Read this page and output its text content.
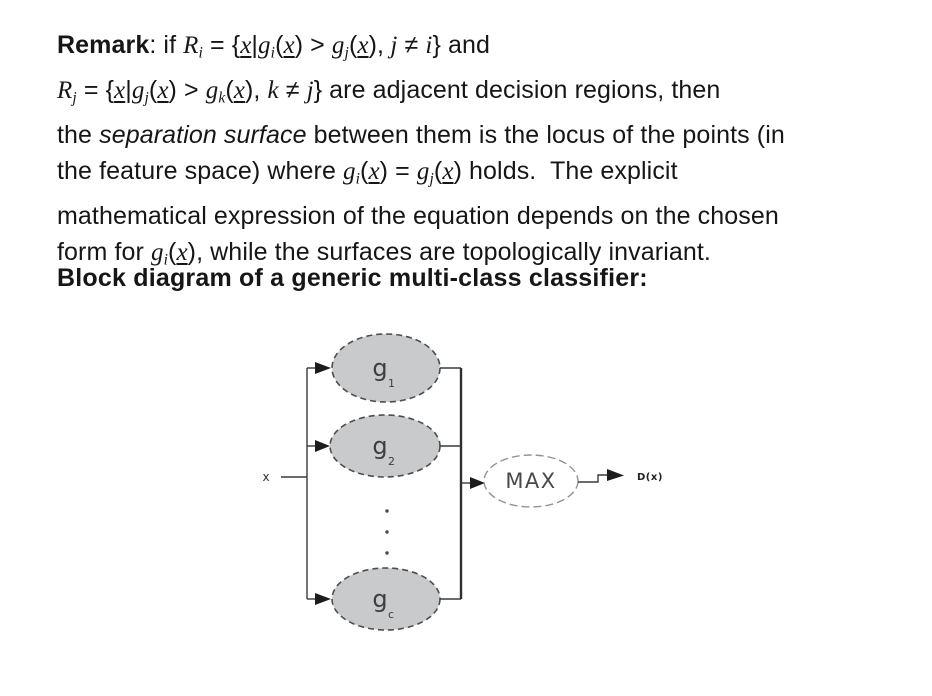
Remark: if Ri = {x|gi(x) > gj(x), j ≠ i} and
Rj = {x|gj(x) > gk(x), k ≠ j} are adjacent decision regions, then
the separation surface between them is the locus of the points (in
the feature space) where gi(x) = gj(x) holds.  The explicit
mathematical expression of the equation depends on the chosen
form for gi(x), while the surfaces are topologically invariant.
Block diagram of a generic multi-class classifier:
x
g
1
g
2
g
c
MAX	D(x)
